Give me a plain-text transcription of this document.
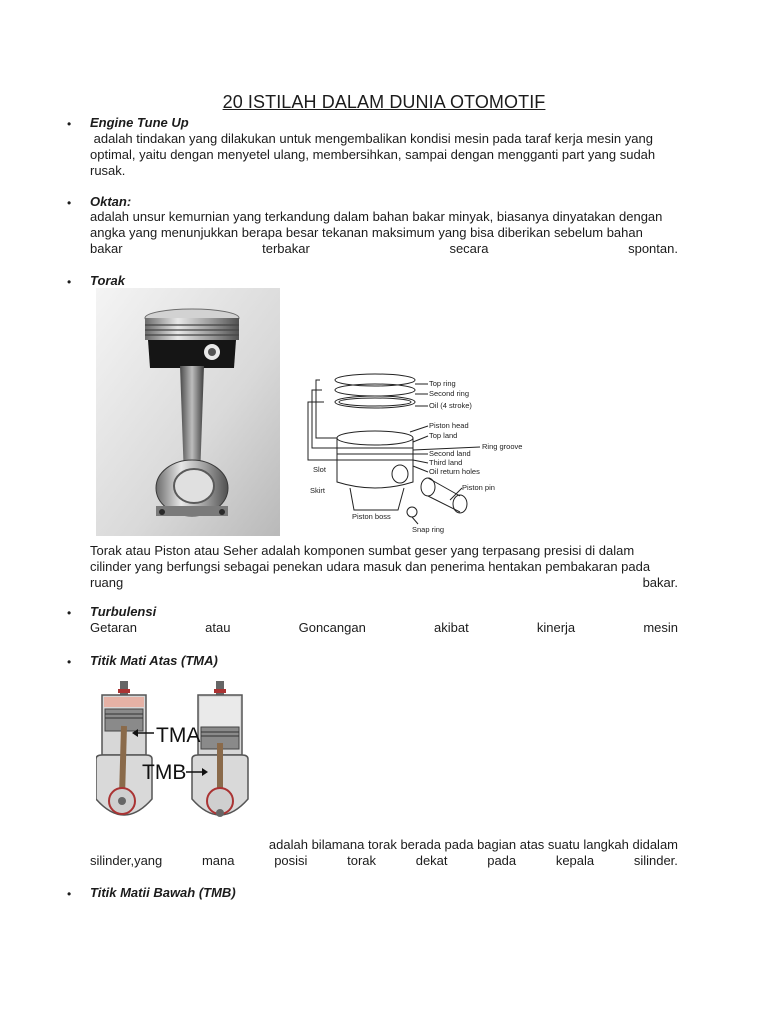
20 ISTILAH DALAM DUNIA OTOMOTIF
• Engine Tune Up
adalah tindakan yang dilakukan untuk mengembalikan kondisi mesin pada taraf kerja mesin yang
optimal, yaitu dengan menyetel ulang, membersihkan, sampai dengan mengganti part yang sudah
rusak.
• Oktan:
adalah unsur kemurnian yang terkandung dalam bahan bakar minyak, biasanya dinyatakan dengan
angka yang menunjukkan berapa besar tekanan maksimum yang bisa diberikan sebelum bahan
bakar	terbakar	secara	spontan.
• Torak
Top ring
Second ring
Oil (4 stroke)
Piston head
Top land
Ring groove
Second land
Third land
Oil return holes
Slot
Skirt	Piston pin
Piston boss
Snap ring
Torak atau Piston atau Seher adalah komponen sumbat geser yang terpasang presisi di dalam
cilinder yang berfungsi sebagai penekan udara masuk dan penerima hentakan pembakaran pada
ruang	bakar.
• Turbulensi
Getaran	atau	Goncangan	akibat	kinerja	mesin
• Titik Mati Atas (TMA)
TMA
TMB
adalah bilamana torak berada pada bagian atas suatu langkah didalam
silinder,yang	mana	posisi	torak	dekat	pada	kepala	silinder.
• Titik Matii Bawah (TMB)
